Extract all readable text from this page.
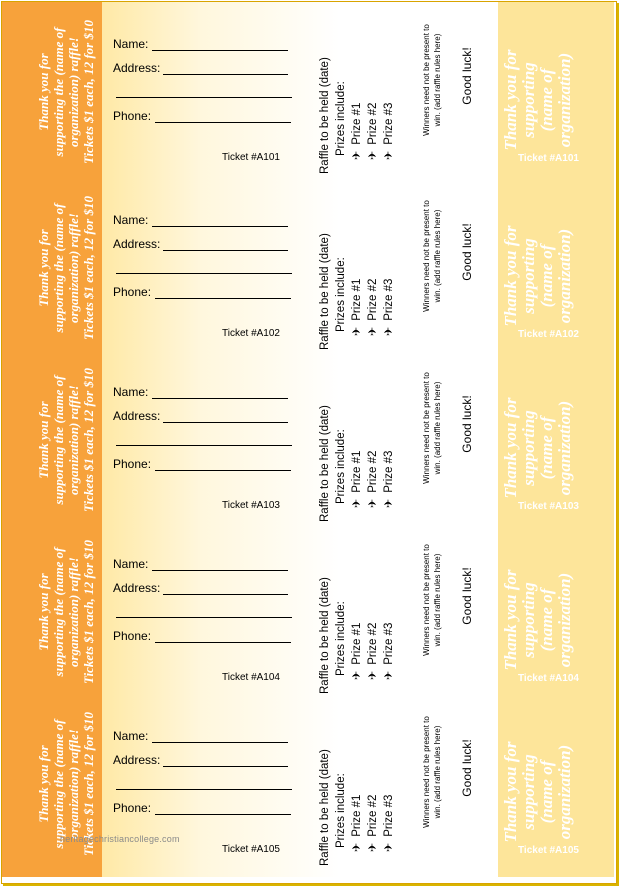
Thank you for supporting the (name of organization) raffle! Tickets $1 each, 12 for $10 Name:
Address:
Phone:
Ticket #A101	Raffle to be held (date) Prizes include: ✈Prize #1
✈Prize #2
✈Prize #3	Winners need not be present to win. (add raffle rules here) Good luck! Thank you for supporting (name of organization)
Ticket #A101
Thank you for supporting the (name of organization) raffle! Tickets $1 each, 12 for $10 Name:
Address:
Phone:
Ticket #A102	Raffle to be held (date) Prizes include: ✈Prize #1
✈Prize #2
✈Prize #3	Winners need not be present to win. (add raffle rules here) Good luck! Thank you for supporting (name of organization)
Ticket #A102
Thank you for supporting the (name of organization) raffle! Tickets $1 each, 12 for $10 Name:
Address:
Phone:
Ticket #A103	Raffle to be held (date) Prizes include: ✈Prize #1
✈Prize #2
✈Prize #3	Winners need not be present to win. (add raffle rules here) Good luck! Thank you for supporting (name of organization)
Ticket #A103
Thank you for supporting the (name of organization) raffle! Tickets $1 each, 12 for $10 Name:
Address:
Phone:
Ticket #A104	Raffle to be held (date) Prizes include: ✈Prize #1
✈Prize #2
✈Prize #3	Winners need not be present to win. (add raffle rules here) Good luck! Thank you for supporting (name of organization)
Ticket #A104
Thank you for supporting the (name of organization) raffle! Tickets $1 each, 12 for $10 Name:
Address:
Phone:
Ticket #A105	Raffle to be held (date) Prizes include: ✈Prize #1
✈Prize #2
✈Prize #3	Winners need not be present to win. (add raffle rules here) Good luck! Thank you for supporting (name of organization)
Ticket #A105
heritagechristiancollege.com
